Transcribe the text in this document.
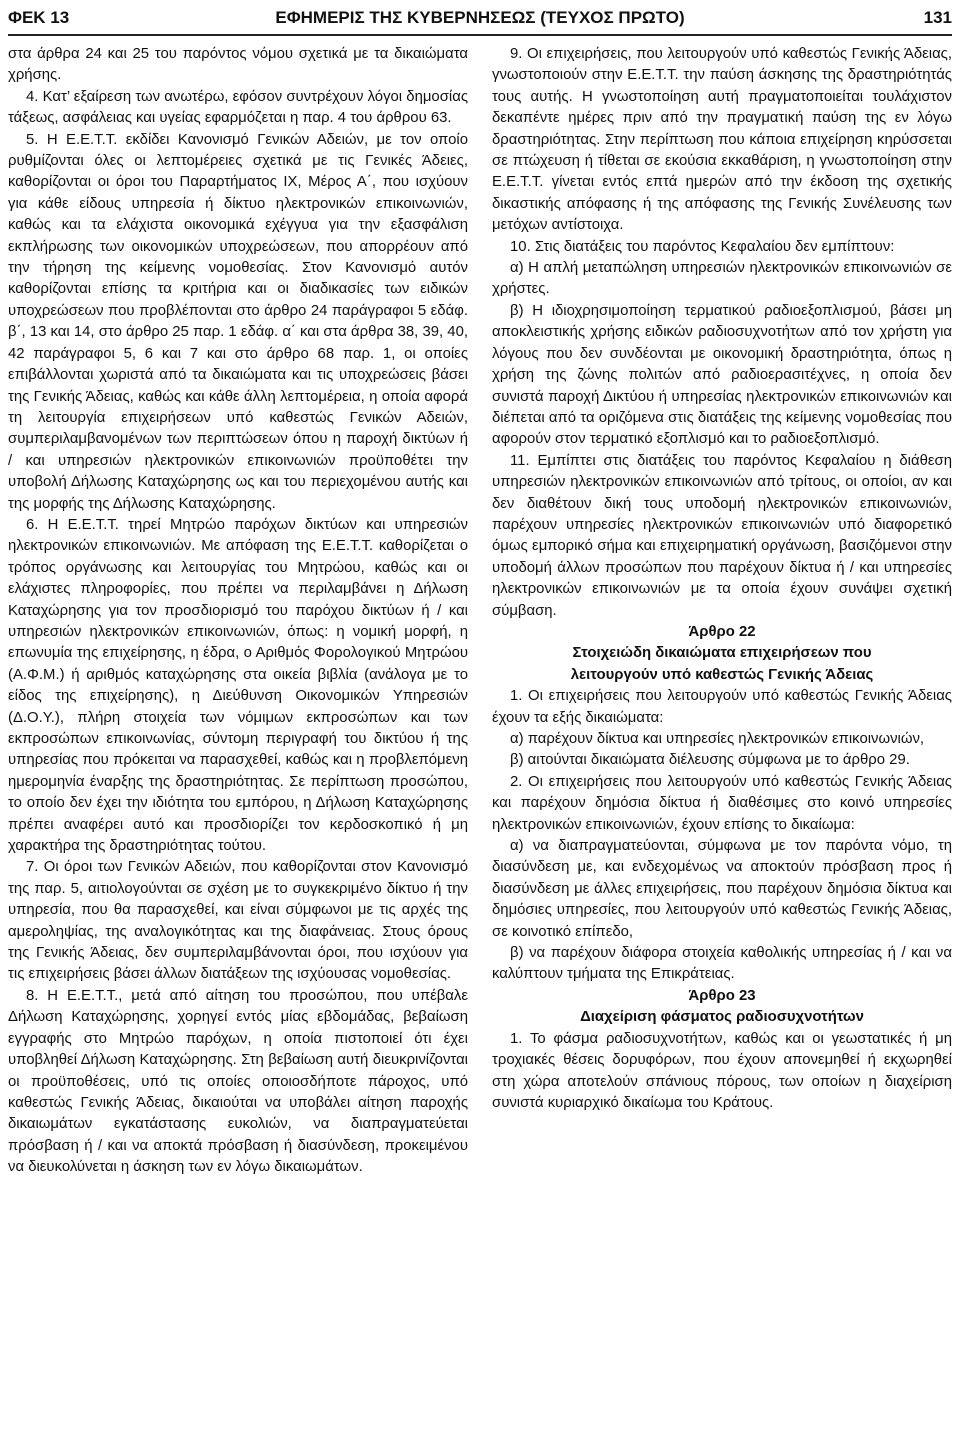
ΦΕΚ 13	ΕΦΗΜΕΡΙΣ ΤΗΣ ΚΥΒΕΡΝΗΣΕΩΣ (ΤΕΥΧΟΣ ΠΡΩΤΟ)	131

στα άρθρα 24 και 25 του παρόντος νόμου σχετικά με τα δικαιώματα χρήσης.

4. Κατ’ εξαίρεση των ανωτέρω, εφόσον συντρέχουν λόγοι δημοσίας τάξεως, ασφάλειας και υγείας εφαρμόζεται η παρ. 4 του άρθρου 63.

5. Η Ε.Ε.Τ.Τ. εκδίδει Κανονισμό Γενικών Αδειών, με τον οποίο ρυθμίζονται όλες οι λεπτομέρειες σχετικά με τις Γενικές Άδειες, καθορίζονται οι όροι του Παραρτήματος ΙΧ, Μέρος Α΄, που ισχύουν για κάθε είδους υπηρεσία ή δίκτυο ηλεκτρονικών επικοινωνιών, καθώς και τα ελάχιστα οικονομικά εχέγγυα για την εξασφάλιση εκπλήρωσης των οικονομικών υποχρεώσεων, που απορρέουν από την τήρηση της κείμενης νομοθεσίας. Στον Κανονισμό αυτόν καθορίζονται επίσης τα κριτήρια και οι διαδικασίες των ειδικών υποχρεώσεων που προβλέπονται στο άρθρο 24 παράγραφοι 5 εδάφ. β΄, 13 και 14, στο άρθρο 25 παρ. 1 εδάφ. α΄ και στα άρθρα 38, 39, 40, 42 παράγραφοι 5, 6 και 7 και στο άρθρο 68 παρ. 1, οι οποίες επιβάλλονται χωριστά από τα δικαιώματα και τις υποχρεώσεις βάσει της Γενικής Άδειας, καθώς και κάθε άλλη λεπτομέρεια, η οποία αφορά τη λειτουργία επιχειρήσεων υπό καθεστώς Γενικών Αδειών, συμπεριλαμβανομένων των περιπτώσεων όπου η παροχή δικτύων ή / και υπηρεσιών ηλεκτρονικών επικοινωνιών προϋποθέτει την υποβολή Δήλωσης Καταχώρησης ως και του περιεχομένου αυτής και της μορφής της Δήλωσης Καταχώρησης.

6. Η Ε.Ε.Τ.Τ. τηρεί Μητρώο παρόχων δικτύων και υπηρεσιών ηλεκτρονικών επικοινωνιών. Με απόφαση της Ε.Ε.Τ.Τ. καθορίζεται ο τρόπος οργάνωσης και λειτουργίας του Μητρώου, καθώς και οι ελάχιστες πληροφορίες, που πρέπει να περιλαμβάνει η Δήλωση Καταχώρησης για τον προσδιορισμό του παρόχου δικτύων ή / και υπηρεσιών ηλεκτρονικών επικοινωνιών, όπως: η νομική μορφή, η επωνυμία της επιχείρησης, η έδρα, ο Αριθμός Φορολογικού Μητρώου (Α.Φ.Μ.) ή αριθμός καταχώρησης στα οικεία βιβλία (ανάλογα με το είδος της επιχείρησης), η Διεύθυνση Οικονομικών Υπηρεσιών (Δ.Ο.Υ.), πλήρη στοιχεία των νόμιμων εκπροσώπων και των εκπροσώπων επικοινωνίας, σύντομη περιγραφή του δικτύου ή της υπηρεσίας που πρόκειται να παρασχεθεί, καθώς και η προβλεπόμενη ημερομηνία έναρξης της δραστηριότητας. Σε περίπτωση προσώπου, το οποίο δεν έχει την ιδιότητα του εμπόρου, η Δήλωση Καταχώρησης πρέπει αναφέρει αυτό και προσδιορίζει τον κερδοσκοπικό ή μη χαρακτήρα της δραστηριότητας τούτου.

7. Οι όροι των Γενικών Αδειών, που καθορίζονται στον Κανονισμό της παρ. 5, αιτιολογούνται σε σχέση με το συγκεκριμένο δίκτυο ή την υπηρεσία, που θα παρασχεθεί, και είναι σύμφωνοι με τις αρχές της αμεροληψίας, της αναλογικότητας και της διαφάνειας. Στους όρους της Γενικής Άδειας, δεν συμπεριλαμβάνονται όροι, που ισχύουν για τις επιχειρήσεις βάσει άλλων διατάξεων της ισχύουσας νομοθεσίας.

8. Η Ε.Ε.Τ.Τ., μετά από αίτηση του προσώπου, που υπέβαλε Δήλωση Καταχώρησης, χορηγεί εντός μίας εβδομάδας, βεβαίωση εγγραφής στο Μητρώο παρόχων, η οποία πιστοποιεί ότι έχει υποβληθεί Δήλωση Καταχώρησης. Στη βεβαίωση αυτή διευκρινίζονται οι προϋποθέσεις, υπό τις οποίες οποιοσδήποτε πάροχος, υπό καθεστώς Γενικής Άδειας, δικαιούται να υποβάλει αίτηση παροχής δικαιωμάτων εγκατάστασης ευκολιών, να διαπραγματεύεται πρόσβαση ή / και να αποκτά πρόσβαση ή διασύνδεση, προκειμένου να διευκολύνεται η άσκηση των εν λόγω δικαιωμάτων.

9. Οι επιχειρήσεις, που λειτουργούν υπό καθεστώς Γενικής Άδειας, γνωστοποιούν στην Ε.Ε.Τ.Τ. την παύση άσκησης της δραστηριότητάς τους αυτής. Η γνωστοποίηση αυτή πραγματοποιείται τουλάχιστον δεκαπέντε ημέρες πριν από την πραγματική παύση της εν λόγω δραστηριότητας. Στην περίπτωση που κάποια επιχείρηση κηρύσσεται σε πτώχευση ή τίθεται σε εκούσια εκκαθάριση, η γνωστοποίηση στην Ε.Ε.Τ.Τ. γίνεται εντός επτά ημερών από την έκδοση της σχετικής δικαστικής απόφασης ή της απόφασης της Γενικής Συνέλευσης των μετόχων αντίστοιχα.

10. Στις διατάξεις του παρόντος Κεφαλαίου δεν εμπίπτουν:

α) Η απλή μεταπώληση υπηρεσιών ηλεκτρονικών επικοινωνιών σε χρήστες.

β) Η ιδιοχρησιμοποίηση τερματικού ραδιοεξοπλισμού, βάσει μη αποκλειστικής χρήσης ειδικών ραδιοσυχνοτήτων από τον χρήστη για λόγους που δεν συνδέονται με οικονομική δραστηριότητα, όπως η χρήση της ζώνης πολιτών από ραδιοερασιτέχνες, η οποία δεν συνιστά παροχή Δικτύου ή υπηρεσίας ηλεκτρονικών επικοινωνιών και διέπεται από τα οριζόμενα στις διατάξεις της κείμενης νομοθεσίας που αφορούν στον τερματικό εξοπλισμό και το ραδιοεξοπλισμό.

11. Εμπίπτει στις διατάξεις του παρόντος Κεφαλαίου η διάθεση υπηρεσιών ηλεκτρονικών επικοινωνιών από τρίτους, οι οποίοι, αν και δεν διαθέτουν δική τους υποδομή ηλεκτρονικών επικοινωνιών, παρέχουν υπηρεσίες ηλεκτρονικών επικοινωνιών υπό διαφορετικό όμως εμπορικό σήμα και επιχειρηματική οργάνωση, βασιζόμενοι στην υποδομή άλλων προσώπων που παρέχουν δίκτυα ή / και υπηρεσίες ηλεκτρονικών επικοινωνιών με τα οποία έχουν συνάψει σχετική σύμβαση.

Άρθρο 22

Στοιχειώδη δικαιώματα επιχειρήσεων που

λειτουργούν υπό καθεστώς Γενικής Άδειας

1. Οι επιχειρήσεις που λειτουργούν υπό καθεστώς Γενικής Άδειας έχουν τα εξής δικαιώματα:

α) παρέχουν δίκτυα και υπηρεσίες ηλεκτρονικών επικοινωνιών,

β) αιτούνται δικαιώματα διέλευσης σύμφωνα με το άρθρο 29.

2. Οι επιχειρήσεις που λειτουργούν υπό καθεστώς Γενικής Άδειας και παρέχουν δημόσια δίκτυα ή διαθέσιμες στο κοινό υπηρεσίες ηλεκτρονικών επικοινωνιών, έχουν επίσης το δικαίωμα:

α) να διαπραγματεύονται, σύμφωνα με τον παρόντα νόμο, τη διασύνδεση με, και ενδεχομένως να αποκτούν πρόσβαση προς ή διασύνδεση με άλλες επιχειρήσεις, που παρέχουν δημόσια δίκτυα και δημόσιες υπηρεσίες, που λειτουργούν υπό καθεστώς Γενικής Άδειας, σε κοινοτικό επίπεδο,

β) να παρέχουν διάφορα στοιχεία καθολικής υπηρεσίας ή / και να καλύπτουν τμήματα της Επικράτειας.

Άρθρο 23

Διαχείριση φάσματος ραδιοσυχνοτήτων

1. Το φάσμα ραδιοσυχνοτήτων, καθώς και οι γεωστατικές ή μη τροχιακές θέσεις δορυφόρων, που έχουν απονεμηθεί ή εκχωρηθεί στη χώρα αποτελούν σπάνιους πόρους, των οποίων η διαχείριση συνιστά κυριαρχικό δικαίωμα του Κράτους.
